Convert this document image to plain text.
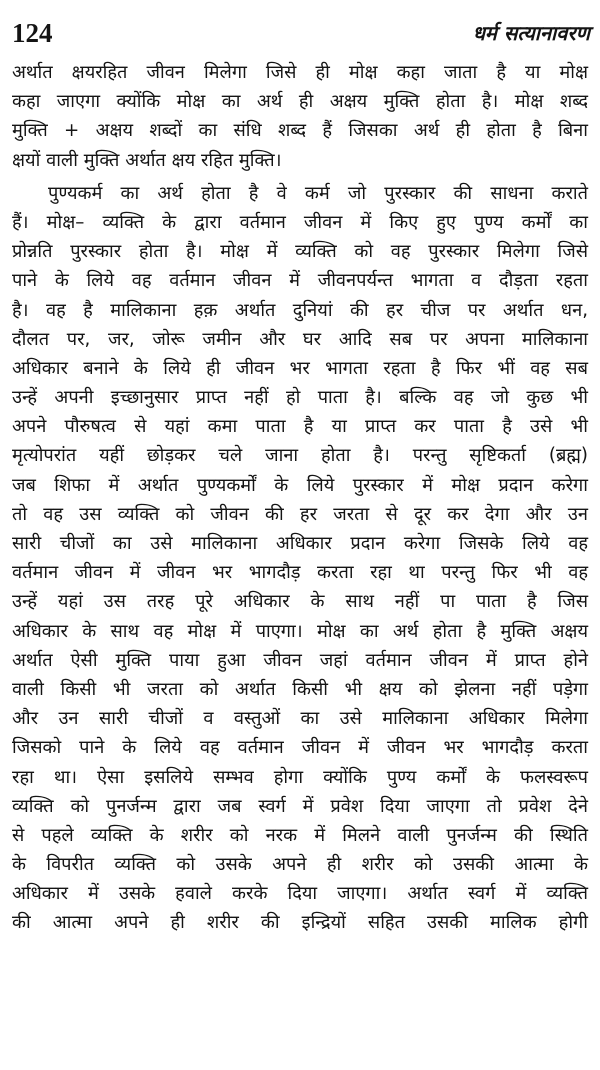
124	धर्म सत्यानावरण
अर्थात क्षयरहित जीवन मिलेगा जिसे ही मोक्ष कहा जाता है या मोक्ष
कहा जाएगा क्योंकि मोक्ष का अर्थ ही अक्षय मुक्ति होता है। मोक्ष शब्द
मुक्ति + अक्षय शब्दों का संधि शब्द हैं जिसका अर्थ ही होता है बिना
क्षयों वाली मुक्ति अर्थात क्षय रहित मुक्ति।
पुण्यकर्म का अर्थ होता है वे कर्म जो पुरस्कार की साधना कराते
हैं। मोक्ष– व्यक्ति के द्वारा वर्तमान जीवन में किए हुए पुण्य कर्मों का
प्रोन्नति पुरस्कार होता है। मोक्ष में व्यक्ति को वह पुरस्कार मिलेगा जिसे
पाने के लिये वह वर्तमान जीवन में जीवनपर्यन्त भागता व दौड़ता रहता
है। वह है मालिकाना हक़ अर्थात दुनियां की हर चीज पर अर्थात धन,
दौलत पर, जर, जोरू जमीन और घर आदि सब पर अपना मालिकाना
अधिकार बनाने के लिये ही जीवन भर भागता रहता है फिर भीं वह सब
उन्हें अपनी इच्छानुसार प्राप्त नहीं हो पाता है। बल्कि वह जो कुछ भी
अपने पौरुषत्व से यहां कमा पाता है या प्राप्त कर पाता है उसे भी
मृत्योपरांत यहीं छोड़कर चले जाना होता है। परन्तु सृष्टिकर्ता (ब्रह्म)
जब शिफा में अर्थात पुण्यकर्मों के लिये पुरस्कार में मोक्ष प्रदान करेगा
तो वह उस व्यक्ति को जीवन की हर जरता से दूर कर देगा और उन
सारी चीजों का उसे मालिकाना अधिकार प्रदान करेगा जिसके लिये वह
वर्तमान जीवन में जीवन भर भागदौड़ करता रहा था परन्तु फिर भी वह
उन्हें यहां उस तरह पूरे अधिकार के साथ नहीं पा पाता है जिस
अधिकार के साथ वह मोक्ष में पाएगा। मोक्ष का अर्थ होता है मुक्ति अक्षय
अर्थात ऐसी मुक्ति पाया हुआ जीवन जहां वर्तमान जीवन में प्राप्त होने
वाली किसी भी जरता को अर्थात किसी भी क्षय को झेलना नहीं पड़ेगा
और उन सारी चीजों व वस्तुओं का उसे मालिकाना अधिकार मिलेगा
जिसको पाने के लिये वह वर्तमान जीवन में जीवन भर भागदौड़ करता
रहा था। ऐसा इसलिये सम्भव होगा क्योंकि पुण्य कर्मों के फलस्वरूप
व्यक्ति को पुनर्जन्म द्वारा जब स्वर्ग में प्रवेश दिया जाएगा तो प्रवेश देने
से पहले व्यक्ति के शरीर को नरक में मिलने वाली पुनर्जन्म की स्थिति
के विपरीत व्यक्ति को उसके अपने ही शरीर को उसकी आत्मा के
अधिकार में उसके हवाले करके दिया जाएगा। अर्थात स्वर्ग में व्यक्ति
की आत्मा अपने ही शरीर की इन्द्रियों सहित उसकी मालिक होगी
